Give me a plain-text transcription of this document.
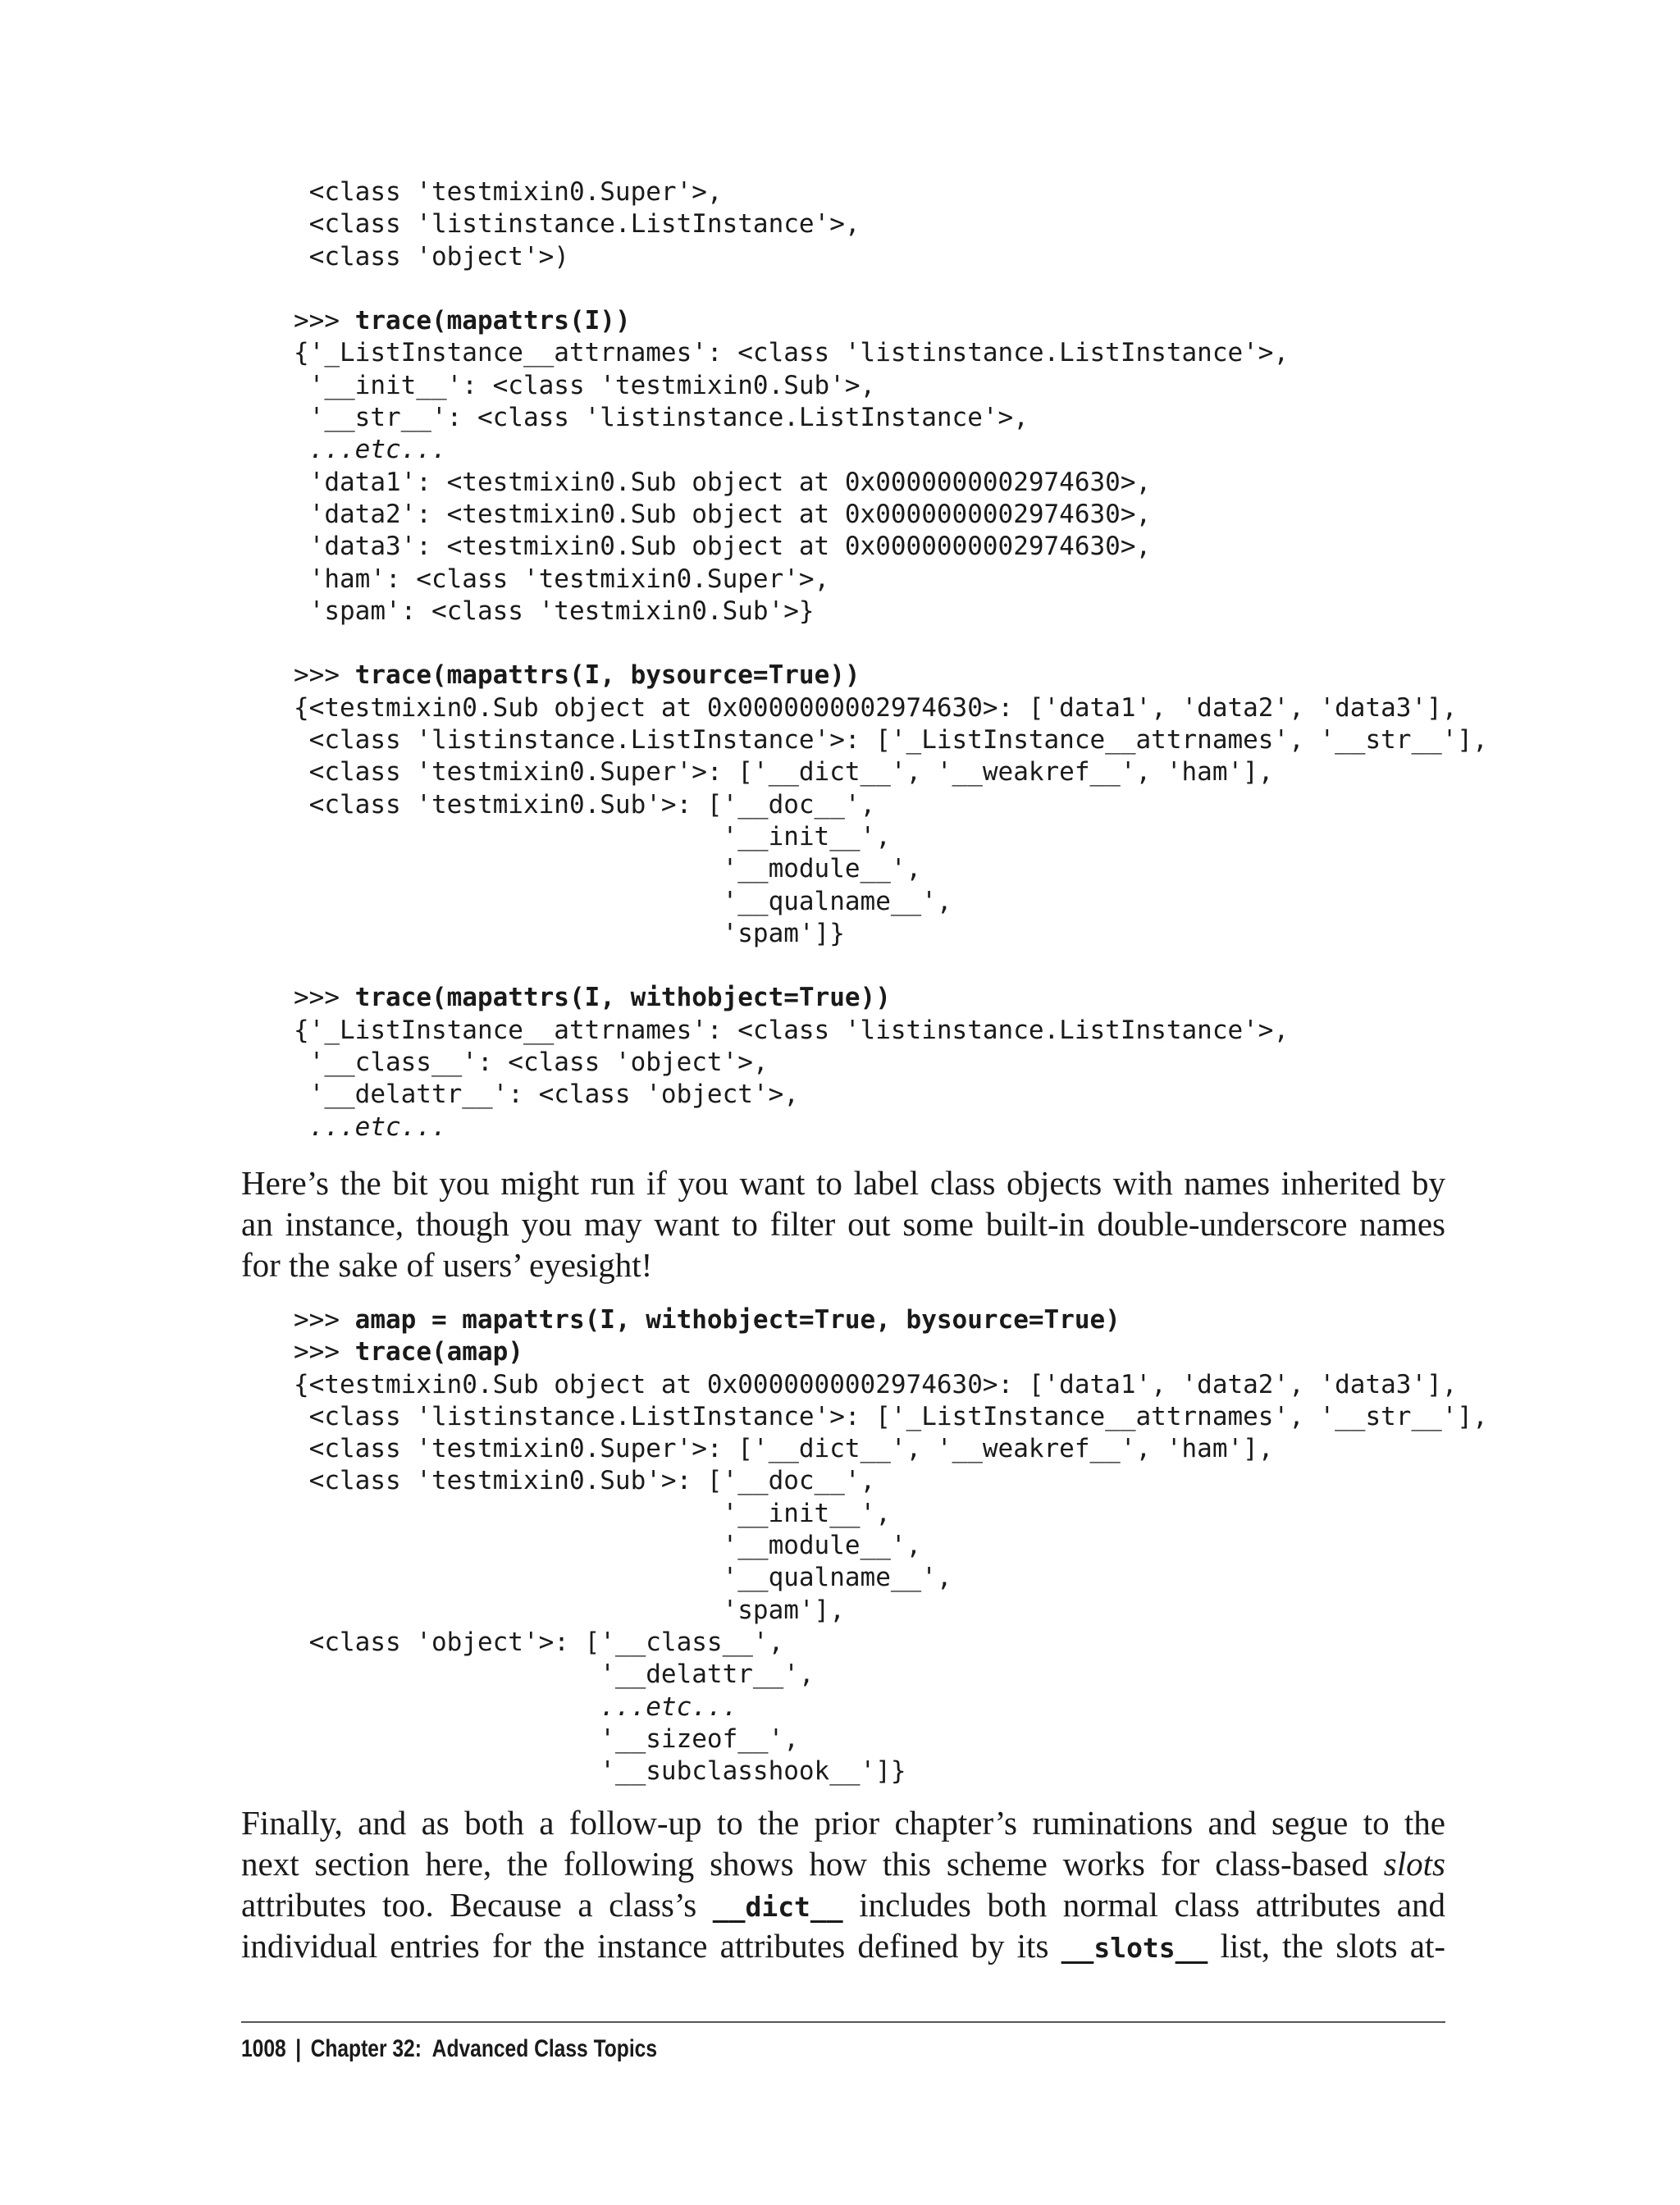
<class 'testmixin0.Super'>,
<class 'listinstance.ListInstance'>,
<class 'object'>)
>>> trace(mapattrs(I))
{'_ListInstance__attrnames': <class 'listinstance.ListInstance'>,
'__init__': <class 'testmixin0.Sub'>,
'__str__': <class 'listinstance.ListInstance'>,
...etc...
'data1': <testmixin0.Sub object at 0x0000000002974630>,
'data2': <testmixin0.Sub object at 0x0000000002974630>,
'data3': <testmixin0.Sub object at 0x0000000002974630>,
'ham': <class 'testmixin0.Super'>,
'spam': <class 'testmixin0.Sub'>}
>>> trace(mapattrs(I, bysource=True))
{<testmixin0.Sub object at 0x0000000002974630>: ['data1', 'data2', 'data3'],
<class 'listinstance.ListInstance'>: ['_ListInstance__attrnames', '__str__'],
<class 'testmixin0.Super'>: ['__dict__', '__weakref__', 'ham'],
<class 'testmixin0.Sub'>: ['__doc__',
'__init__',
'__module__',
'__qualname__',
'spam']}
>>> trace(mapattrs(I, withobject=True))
{'_ListInstance__attrnames': <class 'listinstance.ListInstance'>,
'__class__': <class 'object'>,
'__delattr__': <class 'object'>,
...etc...
Here’s the bit you might run if you want to label class objects with names inherited by
an instance, though you may want to filter out some built-in double-underscore names
for the sake of users’ eyesight!
>>> amap = mapattrs(I, withobject=True, bysource=True)
>>> trace(amap)
{<testmixin0.Sub object at 0x0000000002974630>: ['data1', 'data2', 'data3'],
<class 'listinstance.ListInstance'>: ['_ListInstance__attrnames', '__str__'],
<class 'testmixin0.Super'>: ['__dict__', '__weakref__', 'ham'],
<class 'testmixin0.Sub'>: ['__doc__',
'__init__',
'__module__',
'__qualname__',
'spam'],
<class 'object'>: ['__class__',
'__delattr__',
...etc...
'__sizeof__',
'__subclasshook__']}
Finally, and as both a follow-up to the prior chapter’s ruminations and segue to the
next section here, the following shows how this scheme works for class-based slots
attributes too. Because a class’s __dict__ includes both normal class attributes and
individual entries for the instance attributes defined by its __slots__ list, the slots at-
1008 | Chapter 32:  Advanced Class Topics
